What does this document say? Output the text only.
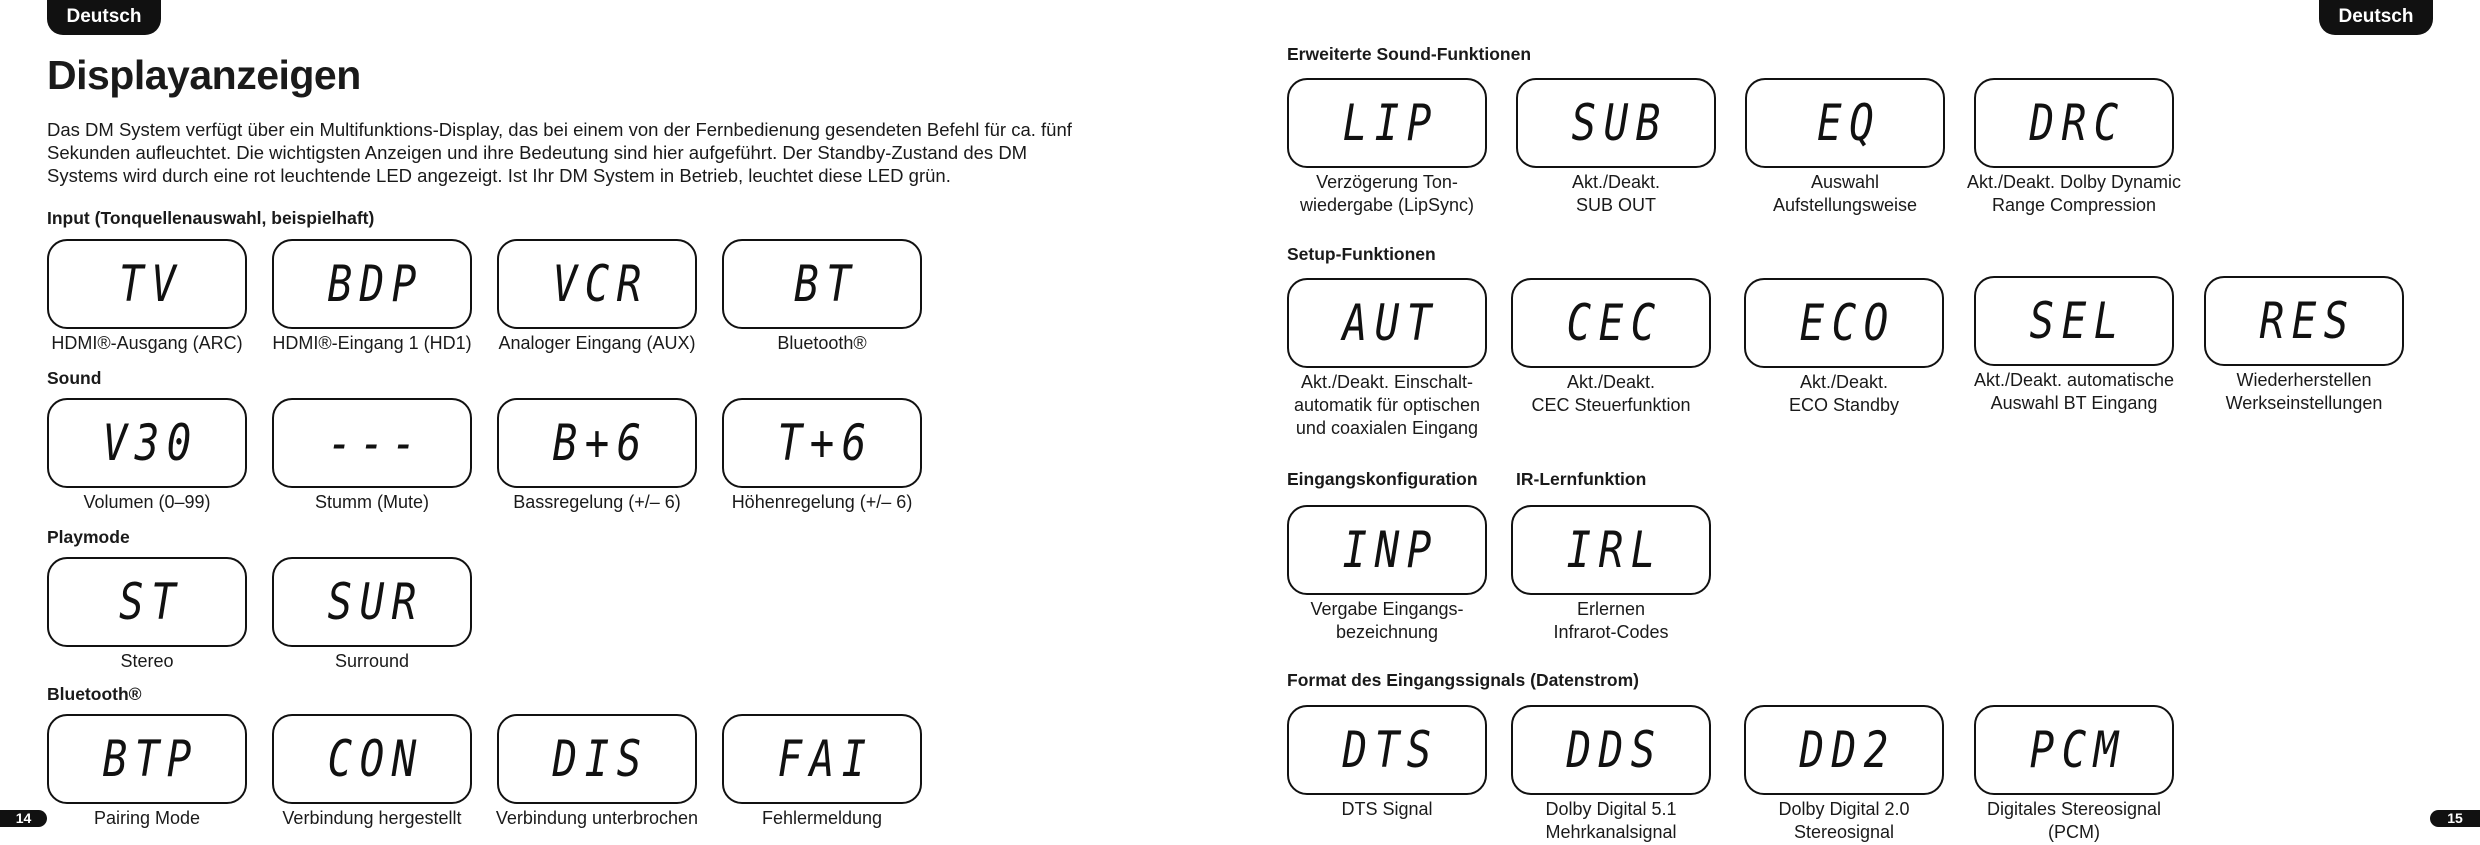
Deutsch	Deutsch
14	15
Displayanzeigen

Das DM System verfügt über ein Multifunktions-Display, das bei einem von der Fernbedienung gesendeten Befehl für ca. fünf Sekunden aufleuchtet. Die wichtigsten Anzeigen und ihre Bedeutung sind hier aufgeführt. Der Standby-Zustand des DM Systems wird durch eine rot leuchtende LED angezeigt. Ist Ihr DM System in Betrieb, leuchtet diese LED grün.

Input (Tonquellenauswahl, beispielhaft)
Sound
Playmode
Bluetooth®
TV
HDMI®-Ausgang (ARC)
BDP
HDMI®-Eingang 1 (HD1)
VCR
Analoger Eingang (AUX)
BT
Bluetooth®
V30
Volumen (0–99)
---
Stumm (Mute)
B+6
Bassregelung (+/– 6)
T+6
Höhenregelung (+/– 6)
ST
Stereo
SUR
Surround
BTP
Pairing Mode
CON
Verbindung hergestellt
DIS
Verbindung unterbrochen
FAI
Fehlermeldung
Erweiterte Sound-Funktionen
Setup-Funktionen
Eingangskonfiguration IR-Lernfunktion
Format des Eingangssignals (Datenstrom)
LIP
Verzögerung Ton-
wiedergabe (LipSync)
SUB
Akt./Deakt.
SUB OUT
EQ
Auswahl
Aufstellungsweise
DRC
Akt./Deakt. Dolby Dynamic
Range Compression
AUT
Akt./Deakt. Einschalt-
automatik für optischen
und coaxialen Eingang
CEC
Akt./Deakt.
CEC Steuerfunktion
ECO
Akt./Deakt.
ECO Standby
SEL
Akt./Deakt. automatische
Auswahl BT Eingang
RES
Wiederherstellen
Werkseinstellungen
INP
Vergabe Eingangs-
bezeichnung
IRL
Erlernen
Infrarot-Codes
DTS
DTS Signal
DDS
Dolby Digital 5.1
Mehrkanalsignal
DD2
Dolby Digital 2.0
Stereosignal
PCM
Digitales Stereosignal
(PCM)
